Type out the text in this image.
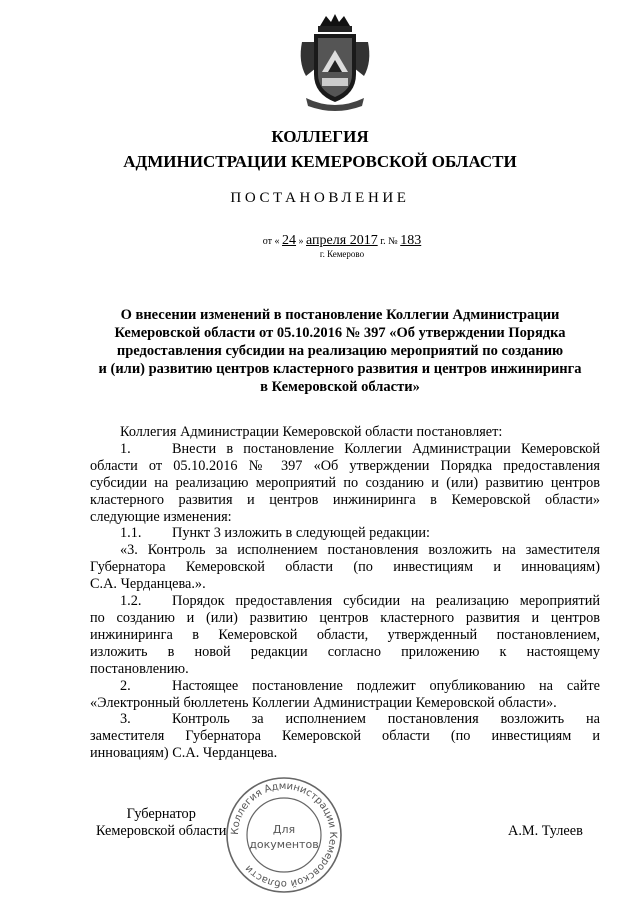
КОЛЛЕГИЯ
АДМИНИСТРАЦИИ КЕМЕРОВСКОЙ ОБЛАСТИ
ПОСТАНОВЛЕНИЕ
от « 24 » апреля 2017 г. № 183
г. Кемерово
О внесении изменений в постановление Коллегии Администрации
Кемеровской области от 05.10.2016 № 397 «Об утверждении Порядка
предоставления субсидии на реализацию мероприятий по созданию
и (или) развитию центров кластерного развития и центров инжиниринга
в Кемеровской области»
Коллегия Администрации Кемеровской области постановляет:
1.	Внести в постановление Коллегии Администрации Кемеровской
области от 05.10.2016 № 397 «Об утверждении Порядка предоставления
субсидии на реализацию мероприятий по созданию и (или) развитию центров
кластерного развития и центров инжиниринга в Кемеровской области»
следующие изменения:
1.1. Пункт 3 изложить в следующей редакции:
«3. Контроль за исполнением постановления возложить на заместителя
Губернатора Кемеровской области (по инвестициям и инновациям)
С.А. Черданцева.».
1.2. Порядок предоставления субсидии на реализацию мероприятий
по созданию и (или) развитию центров кластерного развития и центров
инжиниринга в Кемеровской области, утвержденный постановлением,
изложить в новой редакции согласно приложению к настоящему
постановлению.
2.	Настоящее постановление подлежит опубликованию на сайте
«Электронный бюллетень Коллегии Администрации Кемеровской области».
3.	Контроль за исполнением постановления возложить на
заместителя Губернатора Кемеровской области (по инвестициям и
инновациям) С.А. Черданцева.
Губернатор
Кемеровской области	А.М. Тулеев
Коллегия Администрации Кемеровской области
Для
документов
